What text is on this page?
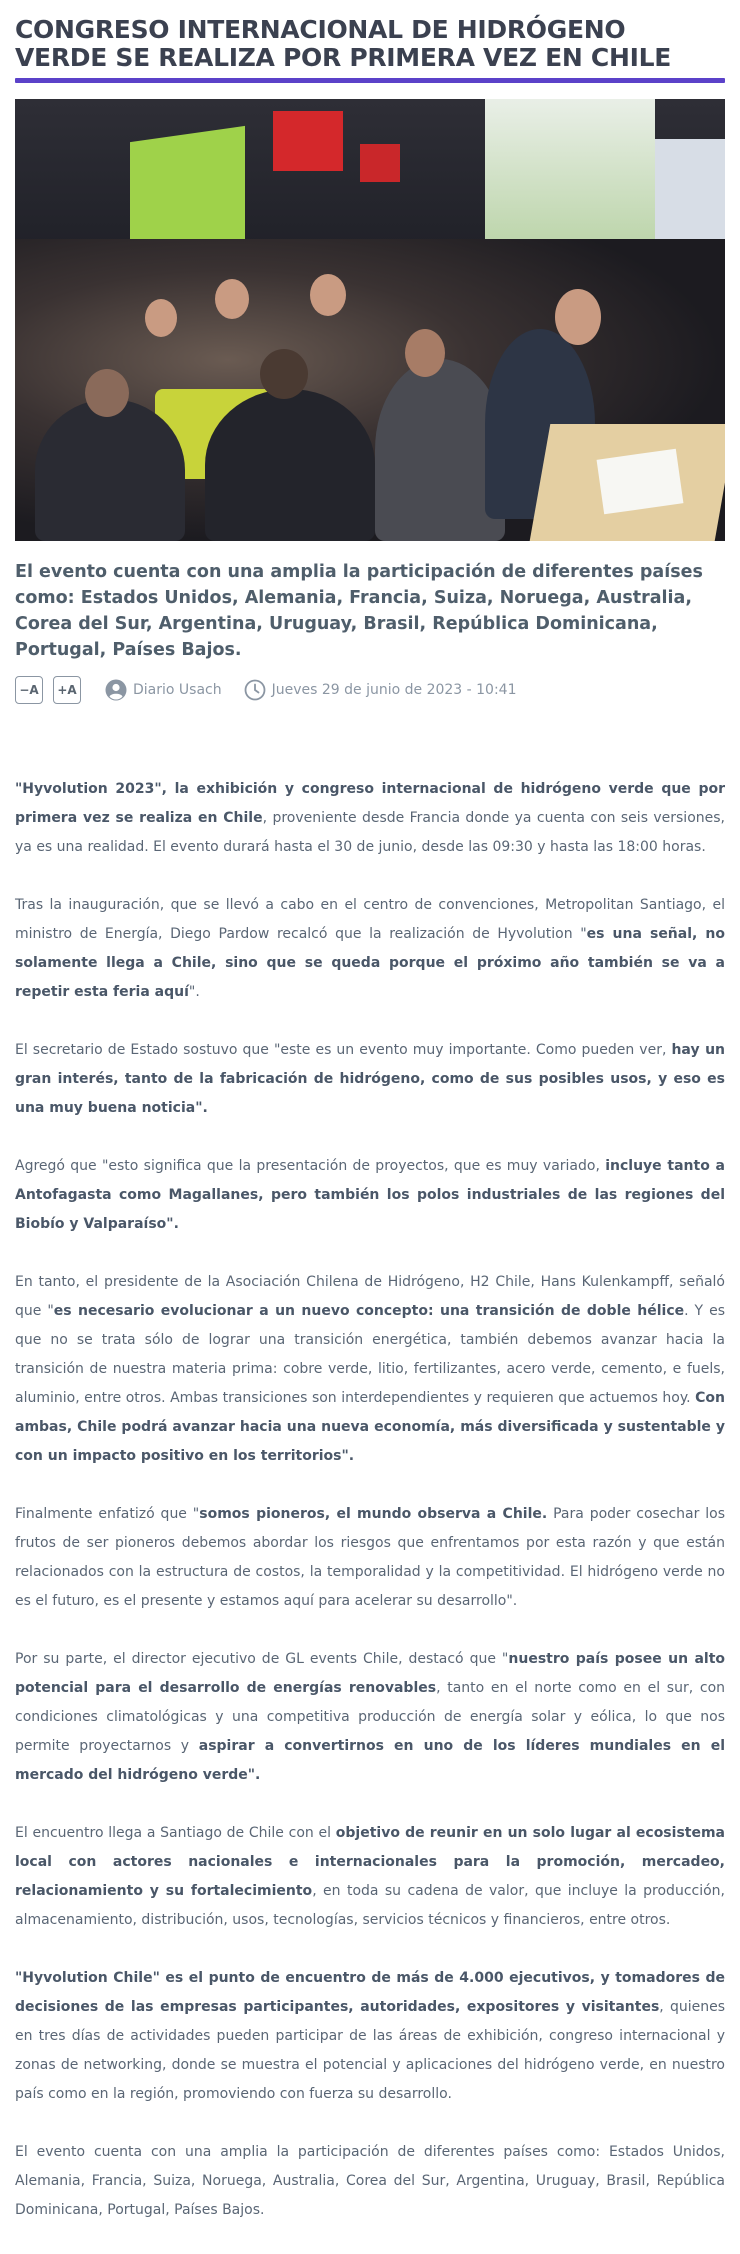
CONGRESO INTERNACIONAL DE HIDRÓGENO VERDE SE REALIZA POR PRIMERA VEZ EN CHILE
El evento cuenta con una amplia la participación de diferentes países como: Estados Unidos, Alemania, Francia, Suiza, Noruega, Australia, Corea del Sur, Argentina, Uruguay, Brasil, República Dominicana, Portugal, Países Bajos.
−A	+A	Diario Usach	Jueves 29 de junio de 2023 - 10:41

"Hyvolution 2023", la exhibición y congreso internacional de hidrógeno verde que por primera vez se realiza en Chile, proveniente desde Francia donde ya cuenta con seis versiones, ya es una realidad. El evento durará hasta el 30 de junio, desde las 09:30 y hasta las 18:00 horas.

Tras la inauguración, que se llevó a cabo en el centro de convenciones, Metropolitan Santiago, el ministro de Energía, Diego Pardow recalcó que la realización de Hyvolution "es una señal, no solamente llega a Chile, sino que se queda porque el próximo año también se va a repetir esta feria aquí".

El secretario de Estado sostuvo que "este es un evento muy importante. Como pueden ver, hay un gran interés, tanto de la fabricación de hidrógeno, como de sus posibles usos, y eso es una muy buena noticia".

Agregó que "esto significa que la presentación de proyectos, que es muy variado, incluye tanto a Antofagasta como Magallanes, pero también los polos industriales de las regiones del Biobío y Valparaíso".

En tanto, el presidente de la Asociación Chilena de Hidrógeno, H2 Chile, Hans Kulenkampff, señaló que "es necesario evolucionar a un nuevo concepto: una transición de doble hélice. Y es que no se trata sólo de lograr una transición energética, también debemos avanzar hacia la transición de nuestra materia prima: cobre verde, litio, fertilizantes, acero verde, cemento, e fuels, aluminio, entre otros. Ambas transiciones son interdependientes y requieren que actuemos hoy. Con ambas, Chile podrá avanzar hacia una nueva economía, más diversificada y sustentable y con un impacto positivo en los territorios".

Finalmente enfatizó que "somos pioneros, el mundo observa a Chile. Para poder cosechar los frutos de ser pioneros debemos abordar los riesgos que enfrentamos por esta razón y que están relacionados con la estructura de costos, la temporalidad y la competitividad. El hidrógeno verde no es el futuro, es el presente y estamos aquí para acelerar su desarrollo".

Por su parte, el director ejecutivo de GL events Chile, destacó que "nuestro país posee un alto potencial para el desarrollo de energías renovables, tanto en el norte como en el sur, con condiciones climatológicas y una competitiva producción de energía solar y eólica, lo que nos permite proyectarnos y aspirar a convertirnos en uno de los líderes mundiales en el mercado del hidrógeno verde".

El encuentro llega a Santiago de Chile con el objetivo de reunir en un solo lugar al ecosistema local con actores nacionales e internacionales para la promoción, mercadeo, relacionamiento y su fortalecimiento, en toda su cadena de valor, que incluye la producción, almacenamiento, distribución, usos, tecnologías, servicios técnicos y financieros, entre otros.

"Hyvolution Chile" es el punto de encuentro de más de 4.000 ejecutivos, y tomadores de decisiones de las empresas participantes, autoridades, expositores y visitantes, quienes en tres días de actividades pueden participar de las áreas de exhibición, congreso internacional y zonas de networking, donde se muestra el potencial y aplicaciones del hidrógeno verde, en nuestro país como en la región, promoviendo con fuerza su desarrollo.

El evento cuenta con una amplia la participación de diferentes países como: Estados Unidos, Alemania, Francia, Suiza, Noruega, Australia, Corea del Sur, Argentina, Uruguay, Brasil, República Dominicana, Portugal, Países Bajos.
